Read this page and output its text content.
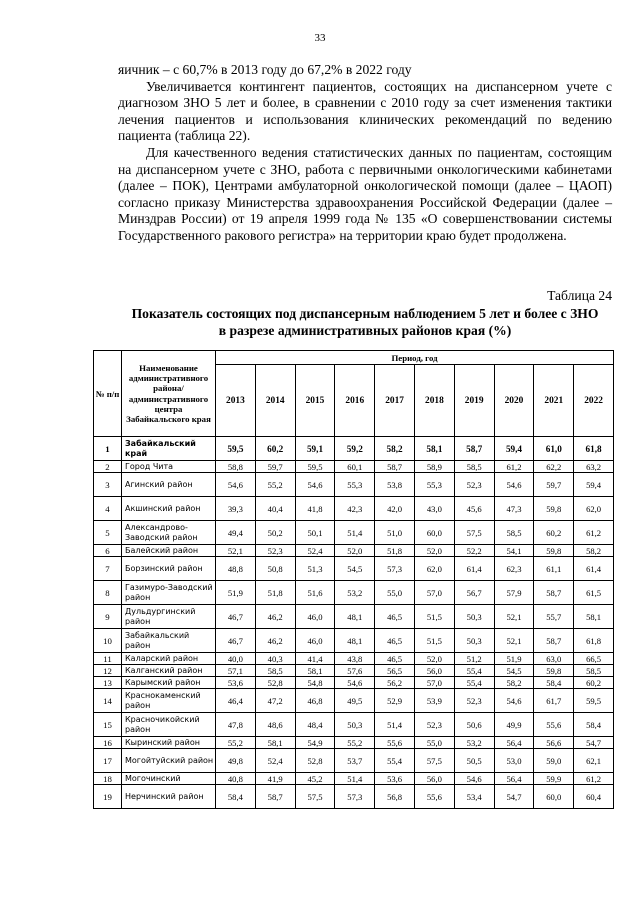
33

яичник – с 60,7% в 2013 году до 67,2% в 2022 году

Увеличивается контингент пациентов, состоящих на диспансерном учете с диагнозом ЗНО 5 лет и более, в сравнении с 2010 году за счет изменения тактики лечения пациентов и использования клинических рекомендаций по ведению пациента (таблица 22).

Для качественного ведения статистических данных по пациентам, состоящим на диспансерном учете с ЗНО, работа с первичными онкологическими кабинетами (далее – ПОК), Центрами амбулаторной онкологической помощи (далее – ЦАОП) согласно приказу Министерства здравоохранения Российской Федерации (далее – Минздрав России) от 19 апреля 1999 года № 135 «О совершенствовании системы Государственного ракового регистра» на территории краю будет продолжена.

Таблица 24
Показатель состоящих под диспансерным наблюдением 5 лет и более с ЗНО в разрезе административных районов края (%)
№ п/п	Наименование административного района/ административного центра Забайкальского края	Период, год									
		2013	2014	2015	2016	2017	2018	2019	2020	2021	2022
1	Забайкальский край	59,5	60,2	59,1	59,2	58,2	58,1	58,7	59,4	61,0	61,8
2	Город Чита	58,8	59,7	59,5	60,1	58,7	58,9	58,5	61,2	62,2	63,2
3	Агинский район	54,6	55,2	54,6	55,3	53,8	55,3	52,3	54,6	59,7	59,4
4	Акшинский район	39,3	40,4	41,8	42,3	42,0	43,0	45,6	47,3	59,8	62,0
5	Александрово-Заводский район	49,4	50,2	50,1	51,4	51,0	60,0	57,5	58,5	60,2	61,2
6	Балейский район	52,1	52,3	52,4	52,0	51,8	52,0	52,2	54,1	59,8	58,2
7	Борзинский район	48,8	50,8	51,3	54,5	57,3	62,0	61,4	62,3	61,1	61,4
8	Газимуро-Заводский район	51,9	51,8	51,6	53,2	55,0	57,0	56,7	57,9	58,7	61,5
9	Дульдургинский район	46,7	46,2	46,0	48,1	46,5	51,5	50,3	52,1	55,7	58,1
10	Забайкальский район	46,7	46,2	46,0	48,1	46,5	51,5	50,3	52,1	58,7	61,8
11	Каларский район	40,0	40,3	41,4	43,8	46,5	52,0	51,2	51,9	63,0	66,5
12	Калганский район	57,1	58,5	58,1	57,6	56,5	56,0	55,4	54,5	59,8	58,5
13	Карымский район	53,6	52,8	54,8	54,6	56,2	57,0	55,4	58,2	58,4	60,2
14	Краснокаменский район	46,4	47,2	46,8	49,5	52,9	53,9	52,3	54,6	61,7	59,5
15	Красночикойский район	47,8	48,6	48,4	50,3	51,4	52,3	50,6	49,9	55,6	58,4
16	Кыринский район	55,2	58,1	54,9	55,2	55,6	55,0	53,2	56,4	56,6	54,7
17	Могойтуйский район	49,8	52,4	52,8	53,7	55,4	57,5	50,5	53,0	59,0	62,1
18	Могочинский	40,8	41,9	45,2	51,4	53,6	56,0	54,6	56,4	59,9	61,2
19	Нерчинский район	58,4	58,7	57,5	57,3	56,8	55,6	53,4	54,7	60,0	60,4
